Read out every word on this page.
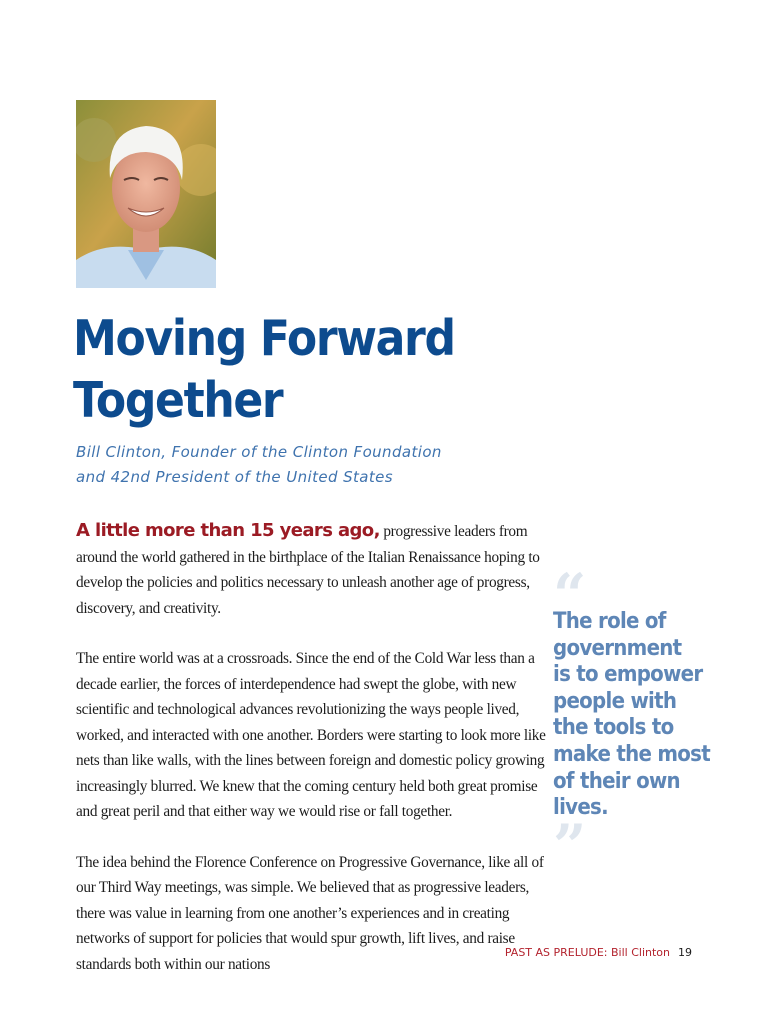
Moving Forward
Together
Bill Clinton, Founder of the Clinton Foundation
and 42nd President of the United States

A little more than 15 years ago, progressive leaders from around the world gathered in the birthplace of the Italian Renaissance hoping to develop the policies and politics necessary to unleash another age of progress, discovery, and creativity.

The entire world was at a crossroads. Since the end of the Cold War less than a decade earlier, the forces of interdependence had swept the globe, with new scientific and technological advances revolutionizing the ways people lived, worked, and interacted with one another. Borders were starting to look more like nets than like walls, with the lines between foreign and domestic policy growing increasingly blurred. We knew that the coming century held both great promise and great peril and that either way we would rise or fall together.

The idea behind the Florence Conference on Progressive Governance, like all of our Third Way meetings, was simple. We believed that as progressive leaders, there was value in learning from one another’s experiences and in creating networks of support for policies that would spur growth, lift lives, and raise standards both within our nations

“
The role of
government
is to empower
people with
the tools to
make the most
of their own
lives.
”
PAST AS PRELUDE: Bill Clinton 19
